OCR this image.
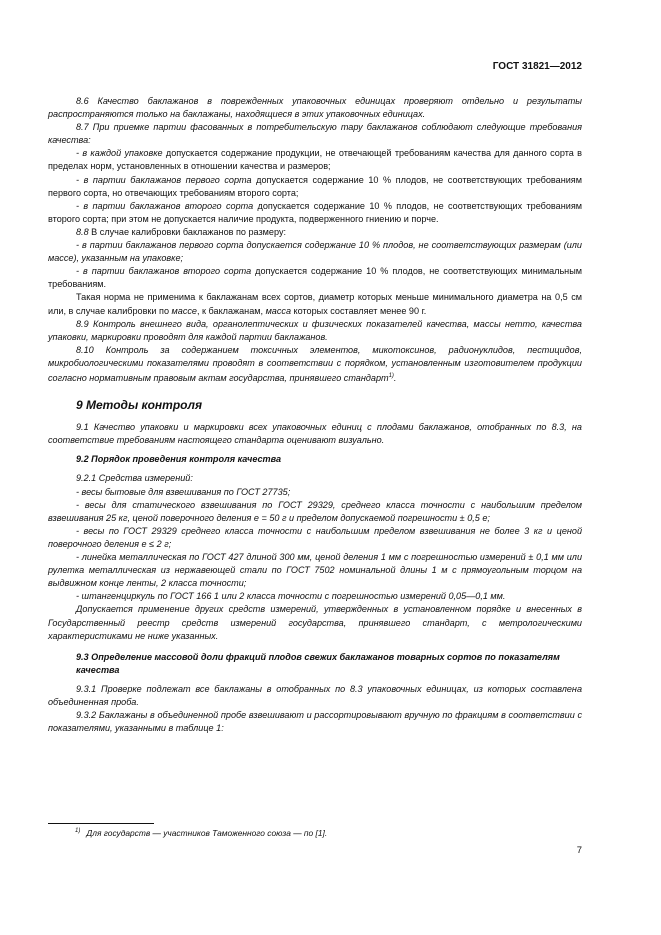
ГОСТ 31821—2012

8.6 Качество баклажанов в поврежденных упаковочных единицах проверяют отдельно и результаты распространяются только на баклажаны, находящиеся в этих упаковочных единицах.

8.7 При приемке партии фасованных в потребительскую тару баклажанов соблюдают следующие требования качества:

- в каждой упаковке допускается содержание продукции, не отвечающей требованиям качества для данного сорта в пределах норм, установленных в отношении качества и размеров;

- в партии баклажанов первого сорта допускается содержание 10 % плодов, не соответствующих требованиям первого сорта, но отвечающих требованиям второго сорта;

- в партии баклажанов второго сорта допускается содержание 10 % плодов, не соответствующих требованиям второго сорта; при этом не допускается наличие продукта, подверженного гниению и порче.

8.8 В случае калибровки баклажанов по размеру:

- в партии баклажанов первого сорта допускается содержание 10 % плодов, не соответствующих размерам (или массе), указанным на упаковке;

- в партии баклажанов второго сорта допускается содержание 10 % плодов, не соответствующих минимальным требованиям.

Такая норма не применима к баклажанам всех сортов, диаметр которых меньше минимального диаметра на 0,5 см или, в случае калибровки по массе, к баклажанам, масса которых составляет менее 90 г.

8.9 Контроль внешнего вида, органолептических и физических показателей качества, массы нетто, качества упаковки, маркировки проводят для каждой партии баклажанов.

8.10 Контроль за содержанием токсичных элементов, микотоксинов, радионуклидов, пестицидов, микробиологическими показателями проводят в соответствии с порядком, установленным изготовителем продукции согласно нормативным правовым актам государства, принявшего стандарт$^{1)}$.

9 Методы контроля

9.1 Качество упаковки и маркировки всех упаковочных единиц с плодами баклажанов, отобранных по 8.3, на соответствие требованиям настоящего стандарта оценивают визуально.

9.2 Порядок проведения контроля качества

9.2.1 Средства измерений:

- весы бытовые для взвешивания по ГОСТ 27735;

- весы для статического взвешивания по ГОСТ 29329, среднего класса точности с наибольшим пределом взвешивания 25 кг, ценой поверочного деления е = 50 г и пределом допускаемой погрешности ± 0,5 е;

- весы по ГОСТ 29329 среднего класса точности с наибольшим пределом взвешивания не более 3 кг и ценой поверочного деления е ≤ 2 г;

- линейка металлическая по ГОСТ 427 длиной 300 мм, ценой деления 1 мм с погрешностью измерений ± 0,1 мм или рулетка металлическая из нержавеющей стали по ГОСТ 7502 номинальной длины 1 м с прямоугольным торцом на выдвижном конце ленты, 2 класса точности;

- штангенциркуль по ГОСТ 166 1 или 2 класса точности с погрешностью измерений 0,05—0,1 мм.

Допускается применение других средств измерений, утвержденных в установленном порядке и внесенных в Государственный реестр средств измерений государства, принявшего стандарт, с метрологическими характеристиками не ниже указанных.

9.3 Определение массовой доли фракций плодов свежих баклажанов товарных сортов по показателям качества

9.3.1 Проверке подлежат все баклажаны в отобранных по 8.3 упаковочных единицах, из которых составлена объединенная проба.

9.3.2 Баклажаны в объединенной пробе взвешивают и рассортировывают вручную по фракциям в соответствии с показателями, указанными в таблице 1:

$^{1)}$ Для государств — участников Таможенного союза — по [1].
7
